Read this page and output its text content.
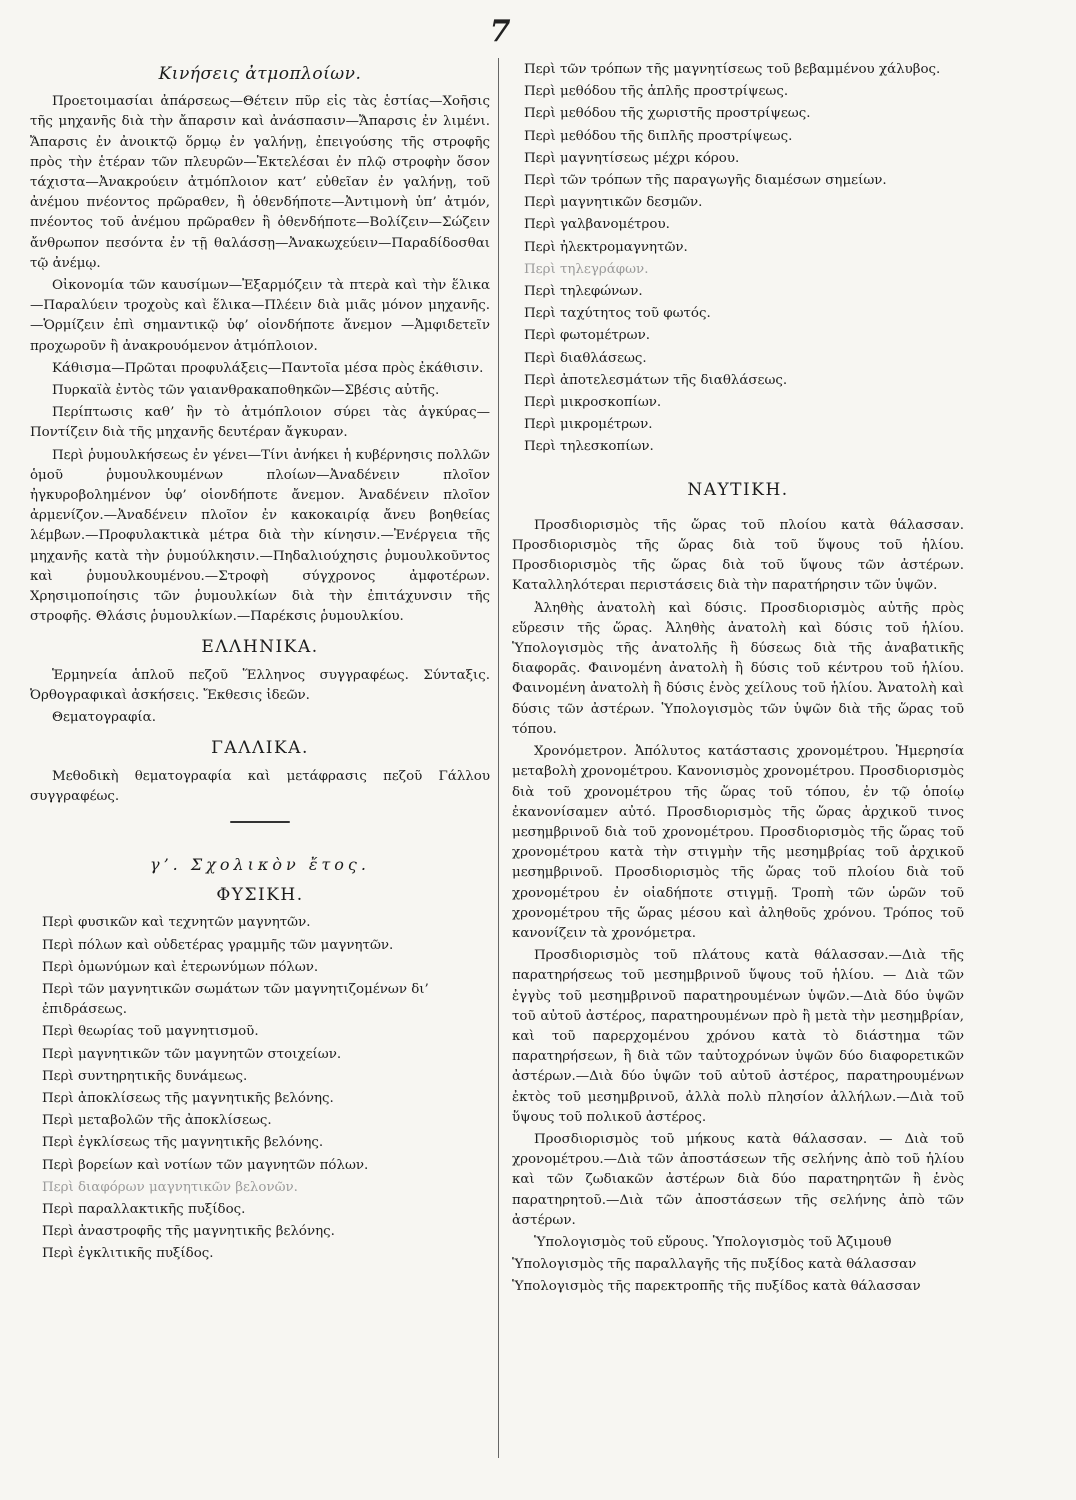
7
Κινήσεις ἀτμοπλοίων.

Προετοιμασίαι ἀπάρσεως—Θέτειν πῦρ εἰς τὰς ἑστίας—Χοῆσις τῆς μηχανῆς διὰ τὴν ἄπαρσιν καὶ ἀνάσπασιν—Ἄπαρσις ἐν λιμένι. Ἄπαρσις ἐν ἀνοικτῷ ὅρμῳ ἐν γαλήνῃ, ἐπειγούσης τῆς στροφῆς πρὸς τὴν ἑτέραν τῶν πλευρῶν—Ἐκτελέσαι ἐν πλῷ στροφὴν ὅσον τάχιστα—Ἀνακρούειν ἀτμόπλοιον κατ’ εὐθεῖαν ἐν γαλήνῃ, τοῦ ἀνέμου πνέοντος πρῶραθεν, ἢ ὁθενδήποτε—Ἀντιμονὴ ὑπ’ ἀτμόν, πνέοντος τοῦ ἀνέμου πρῶραθεν ἢ ὁθενδήποτε—Βολίζειν—Σώζειν ἄνθρωπον πεσόντα ἐν τῇ θαλάσσῃ—Ἀνακωχεύειν—Παραδίδοσθαι τῷ ἀνέμῳ.

Οἰκονομία τῶν καυσίμων—Ἐξαρμόζειν τὰ πτερὰ καὶ τὴν ἕλικα—Παραλύειν τροχοὺς καὶ ἕλικα—Πλέειν διὰ μιᾶς μόνον μηχανῆς. —Ὁρμίζειν ἐπὶ σημαντικῷ ὑφ’ οἱονδήποτε ἄνεμον —Ἀμφιδετεῖν προχωροῦν ἢ ἀνακρουόμενον ἀτμόπλοιον.

Κάθισμα—Πρῶται προφυλάξεις—Παντοῖα μέσα πρὸς ἐκάθισιν.

Πυρκαϊὰ ἐντὸς τῶν γαιανθρακαποθηκῶν—Σβέσις αὐτῆς.

Περίπτωσις καθ’ ἣν τὸ ἀτμόπλοιον σύρει τὰς ἀγκύρας—Ποντίζειν διὰ τῆς μηχανῆς δευτέραν ἄγκυραν.

Περὶ ῥυμουλκήσεως ἐν γένει—Τίνι ἀνήκει ἡ κυβέρνησις πολλῶν ὁμοῦ ῥυμουλκουμένων πλοίων—Ἀναδένειν πλοῖον ἠγκυροβολημένον ὑφ’ οἱονδήποτε ἄνεμον. Ἀναδένειν πλοῖον ἀρμενίζον.—Ἀναδένειν πλοῖον ἐν κακοκαιρίᾳ ἄνευ βοηθείας λέμβων.—Προφυλακτικὰ μέτρα διὰ τὴν κίνησιν.—Ἐνέργεια τῆς μηχανῆς κατὰ τὴν ῥυμούλκησιν.—Πηδαλιούχησις ῥυμουλκοῦντος καὶ ῥυμουλκουμένου.—Στροφὴ σύγχρονος ἀμφοτέρων. Χρησιμοποίησις τῶν ῥυμουλκίων διὰ τὴν ἐπιτάχυνσιν τῆς στροφῆς. Θλάσις ῥυμουλκίων.—Παρέκσις ῥυμουλκίου.

ΕΛΛΗΝΙΚΑ.

Ἑρμηνεία ἁπλοῦ πεζοῦ Ἕλληνος συγγραφέως. Σύνταξις. Ὀρθογραφικαὶ ἀσκήσεις. Ἔκθεσις ἰδεῶν.

Θεματογραφία.

ΓΑΛΛΙΚΑ.

Μεθοδικὴ θεματογραφία καὶ μετάφρασις πεζοῦ Γάλλου συγγραφέως.

γ’. Σχολικὸν ἔτος.
ΦΥΣΙΚΗ.
Περὶ φυσικῶν καὶ τεχνητῶν μαγνητῶν.
Περὶ πόλων καὶ οὐδετέρας γραμμῆς τῶν μαγνητῶν.
Περὶ ὁμωνύμων καὶ ἑτερωνύμων πόλων.
Περὶ τῶν μαγνητικῶν σωμάτων τῶν μαγνητιζομένων δι’ ἐπιδράσεως.
Περὶ θεωρίας τοῦ μαγνητισμοῦ.
Περὶ μαγνητικῶν τῶν μαγνητῶν στοιχείων.
Περὶ συντηρητικῆς δυνάμεως.
Περὶ ἀποκλίσεως τῆς μαγνητικῆς βελόνης.
Περὶ μεταβολῶν τῆς ἀποκλίσεως.
Περὶ ἐγκλίσεως τῆς μαγνητικῆς βελόνης.
Περὶ βορείων καὶ νοτίων τῶν μαγνητῶν πόλων.
Περὶ διαφόρων μαγνητικῶν βελονῶν.
Περὶ παραλλακτικῆς πυξίδος.
Περὶ ἀναστροφῆς τῆς μαγνητικῆς βελόνης.
Περὶ ἐγκλιτικῆς πυξίδος.
Περὶ τῶν τρόπων τῆς μαγνητίσεως τοῦ βεβαμμένου χάλυβος.
Περὶ μεθόδου τῆς ἁπλῆς προστρίψεως.
Περὶ μεθόδου τῆς χωριστῆς προστρίψεως.
Περὶ μεθόδου τῆς διπλῆς προστρίψεως.
Περὶ μαγνητίσεως μέχρι κόρου.
Περὶ τῶν τρόπων τῆς παραγωγῆς διαμέσων σημείων.
Περὶ μαγνητικῶν δεσμῶν.
Περὶ γαλβανομέτρου.
Περὶ ἠλεκτρομαγνητῶν.
Περὶ τηλεγράφων.
Περὶ τηλεφώνων.
Περὶ ταχύτητος τοῦ φωτός.
Περὶ φωτομέτρων.
Περὶ διαθλάσεως.
Περὶ ἀποτελεσμάτων τῆς διαθλάσεως.
Περὶ μικροσκοπίων.
Περὶ μικρομέτρων.
Περὶ τηλεσκοπίων.
ΝΑΥΤΙΚΗ.

Προσδιορισμὸς τῆς ὥρας τοῦ πλοίου κατὰ θάλασσαν. Προσδιορισμὸς τῆς ὥρας διὰ τοῦ ὕψους τοῦ ἡλίου. Προσδιορισμὸς τῆς ὥρας διὰ τοῦ ὕψους τῶν ἀστέρων. Καταλληλότεραι περιστάσεις διὰ τὴν παρατήρησιν τῶν ὑψῶν.

Ἀληθὴς ἀνατολὴ καὶ δύσις. Προσδιορισμὸς αὐτῆς πρὸς εὕρεσιν τῆς ὥρας. Ἀληθὴς ἀνατολὴ καὶ δύσις τοῦ ἡλίου. Ὑπολογισμὸς τῆς ἀνατολῆς ἢ δύσεως διὰ τῆς ἀναβατικῆς διαφορᾶς. Φαινομένη ἀνατολὴ ἢ δύσις τοῦ κέντρου τοῦ ἡλίου. Φαινομένη ἀνατολὴ ἢ δύσις ἑνὸς χείλους τοῦ ἡλίου. Ἀνατολὴ καὶ δύσις τῶν ἀστέρων. Ὑπολογισμὸς τῶν ὑψῶν διὰ τῆς ὥρας τοῦ τόπου.

Χρονόμετρον. Ἀπόλυτος κατάστασις χρονομέτρου. Ἡμερησία μεταβολὴ χρονομέτρου. Κανονισμὸς χρονομέτρου. Προσδιορισμὸς διὰ τοῦ χρονομέτρου τῆς ὥρας τοῦ τόπου, ἐν τῷ ὁποίῳ ἐκανονίσαμεν αὐτό. Προσδιορισμὸς τῆς ὥρας ἀρχικοῦ τινος μεσημβρινοῦ διὰ τοῦ χρονομέτρου. Προσδιορισμὸς τῆς ὥρας τοῦ χρονομέτρου κατὰ τὴν στιγμὴν τῆς μεσημβρίας τοῦ ἀρχικοῦ μεσημβρινοῦ. Προσδιορισμὸς τῆς ὥρας τοῦ πλοίου διὰ τοῦ χρονομέτρου ἐν οἱαδήποτε στιγμῇ. Τροπὴ τῶν ὡρῶν τοῦ χρονομέτρου τῆς ὥρας μέσου καὶ ἀληθοῦς χρόνου. Τρόπος τοῦ κανονίζειν τὰ χρονόμετρα.

Προσδιορισμὸς τοῦ πλάτους κατὰ θάλασσαν.—Διὰ τῆς παρατηρήσεως τοῦ μεσημβρινοῦ ὕψους τοῦ ἡλίου. — Διὰ τῶν ἐγγὺς τοῦ μεσημβρινοῦ παρατηρουμένων ὑψῶν.—Διὰ δύο ὑψῶν τοῦ αὐτοῦ ἀστέρος, παρατηρουμένων πρὸ ἢ μετὰ τὴν μεσημβρίαν, καὶ τοῦ παρερχομένου χρόνου κατὰ τὸ διάστημα τῶν παρατηρήσεων, ἢ διὰ τῶν ταὐτοχρόνων ὑψῶν δύο διαφορετικῶν ἀστέρων.—Διὰ δύο ὑψῶν τοῦ αὐτοῦ ἀστέρος, παρατηρουμένων ἐκτὸς τοῦ μεσημβρινοῦ, ἀλλὰ πολὺ πλησίον ἀλλήλων.—Διὰ τοῦ ὕψους τοῦ πολικοῦ ἀστέρος.

Προσδιορισμὸς τοῦ μήκους κατὰ θάλασσαν. — Διὰ τοῦ χρονομέτρου.—Διὰ τῶν ἀποστάσεων τῆς σελήνης ἀπὸ τοῦ ἡλίου καὶ τῶν ζωδιακῶν ἀστέρων διὰ δύο παρατηρητῶν ἢ ἑνὸς παρατηρητοῦ.—Διὰ τῶν ἀποστάσεων τῆς σελήνης ἀπὸ τῶν ἀστέρων.

Ὑπολογισμὸς τοῦ εὔρους. Ὑπολογισμὸς τοῦ Ἀζιμουθ

Ὑπολογισμὸς τῆς παραλλαγῆς τῆς πυξίδος κατὰ θάλασσαν

Ὑπολογισμὸς τῆς παρεκτροπῆς τῆς πυξίδος κατὰ θάλασσαν
